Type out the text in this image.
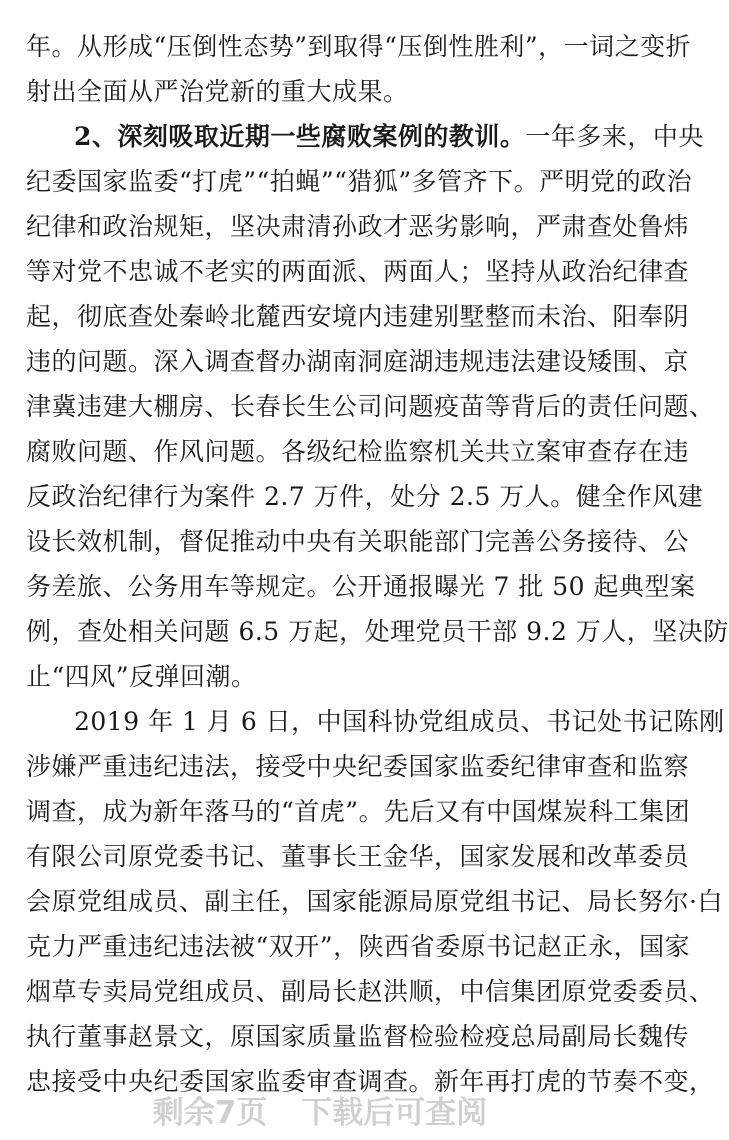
年。从形成“压倒性态势”到取得“压倒性胜利”，一词之变折
射出全面从严治党新的重大成果。
2、深刻吸取近期一些腐败案例的教训。一年多来，中央
纪委国家监委“打虎”“拍蝇”“猎狐”多管齐下。严明党的政治
纪律和政治规矩，坚决肃清孙政才恶劣影响，严肃查处鲁炜
等对党不忠诚不老实的两面派、两面人；坚持从政治纪律查
起，彻底查处秦岭北麓西安境内违建别墅整而未治、阳奉阴
违的问题。深入调查督办湖南洞庭湖违规违法建设矮围、京
津冀违建大棚房、长春长生公司问题疫苗等背后的责任问题、
腐败问题、作风问题。各级纪检监察机关共立案审查存在违
反政治纪律行为案件 2.7 万件，处分 2.5 万人。健全作风建
设长效机制，督促推动中央有关职能部门完善公务接待、公
务差旅、公务用车等规定。公开通报曝光 7 批 50 起典型案
例，查处相关问题 6.5 万起，处理党员干部 9.2 万人，坚决防
止“四风”反弹回潮。
2019 年 1 月 6 日，中国科协党组成员、书记处书记陈刚
涉嫌严重违纪违法，接受中央纪委国家监委纪律审查和监察
调查，成为新年落马的“首虎”。先后又有中国煤炭科工集团
有限公司原党委书记、董事长王金华，国家发展和改革委员
会原党组成员、副主任，国家能源局原党组书记、局长努尔·白
克力严重违纪违法被“双开”，陕西省委原书记赵正永，国家
烟草专卖局党组成员、副局长赵洪顺，中信集团原党委委员、
执行董事赵景文，原国家质量监督检验检疫总局副局长魏传
忠接受中央纪委国家监委审查调查。新年再打虎的节奏不变，
剩余7页 下载后可查阅
